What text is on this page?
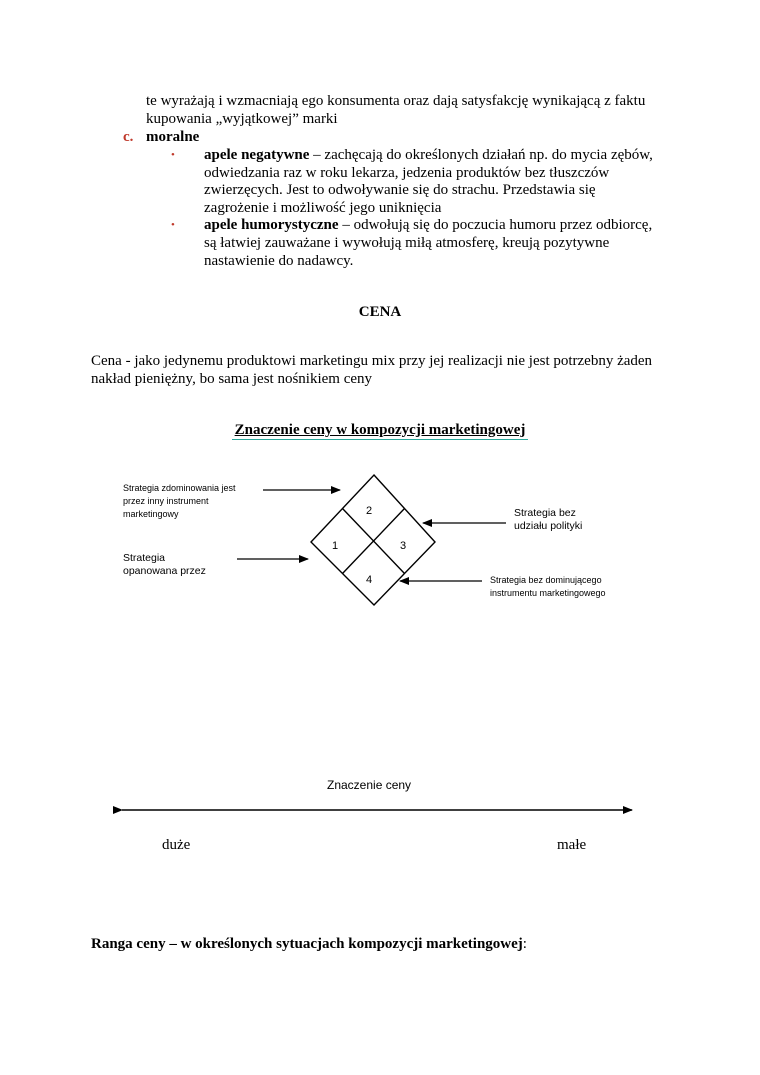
te wyrażają i wzmacniają ego konsumenta oraz dają satysfakcję wynikającą z faktu
kupowania „wyjątkowej” marki
c. moralne
• apele negatywne – zachęcają do określonych działań np. do mycia zębów,
odwiedzania raz w roku lekarza, jedzenia produktów bez tłuszczów
zwierzęcych. Jest to odwoływanie się do strachu. Przedstawia się
zagrożenie i możliwość jego uniknięcia
• apele humorystyczne – odwołują się do poczucia humoru przez odbiorcę,
są łatwiej zauważane i wywołują miłą atmosferę, kreują pozytywne
nastawienie do nadawcy.
CENA
Cena - jako jedynemu produktowi marketingu mix przy jej realizacji nie jest potrzebny żaden
nakład pieniężny, bo sama jest nośnikiem ceny
Znaczenie ceny w kompozycji marketingowej
2
1	3
4
Strategia zdominowania jest
przez inny instrument
marketingowy
Strategia
opanowana przez
Strategia bez
udziału polityki
Strategia bez dominującego
instrumentu marketingowego
Znaczenie ceny
duże	małe
Ranga ceny – w określonych sytuacjach kompozycji marketingowej:
